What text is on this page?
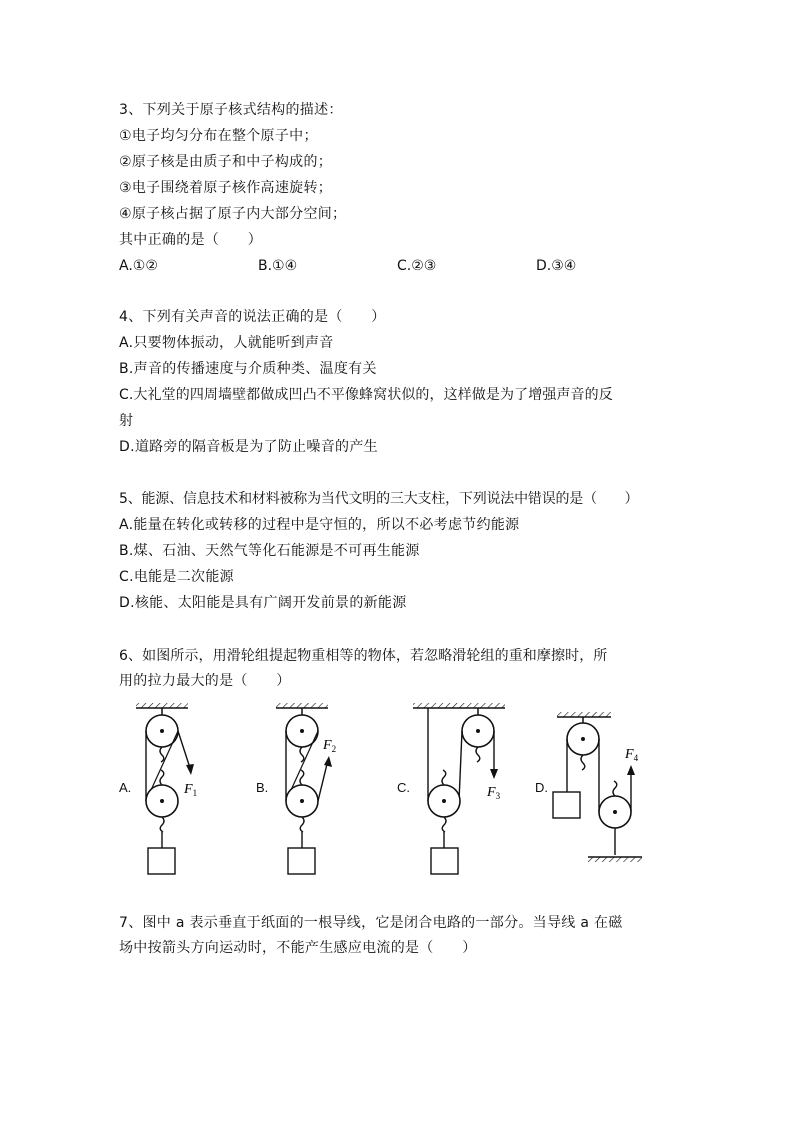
3、下列关于原子核式结构的描述：
①电子均匀分布在整个原子中；
②原子核是由质子和中子构成的；
③电子围绕着原子核作高速旋转；
④原子核占据了原子内大部分空间；
其中正确的是（　　）
A.①②	B.①④	C.②③	D.③④
4、下列有关声音的说法正确的是（　　）
A.只要物体振动，人就能听到声音
B.声音的传播速度与介质种类、温度有关
C.大礼堂的四周墙壁都做成凹凸不平像蜂窝状似的，这样做是为了增强声音的反
射
D.道路旁的隔音板是为了防止噪音的产生
5、能源、信息技术和材料被称为当代文明的三大支柱，下列说法中错误的是（　　）
A.能量在转化或转移的过程中是守恒的，所以不必考虑节约能源
B.煤、石油、天然气等化石能源是不可再生能源
C.电能是二次能源
D.核能、太阳能是具有广阔开发前景的新能源
6、如图所示，用滑轮组提起物重相等的物体，若忽略滑轮组的重和摩擦时，所
用的拉力最大的是（　　）
A.	B.	C.	D.
$F_1$
$F_2$
$F_3$
$F_4$
7、图中 a 表示垂直于纸面的一根导线，它是闭合电路的一部分。当导线 a 在磁
场中按箭头方向运动时，不能产生感应电流的是（　　）
